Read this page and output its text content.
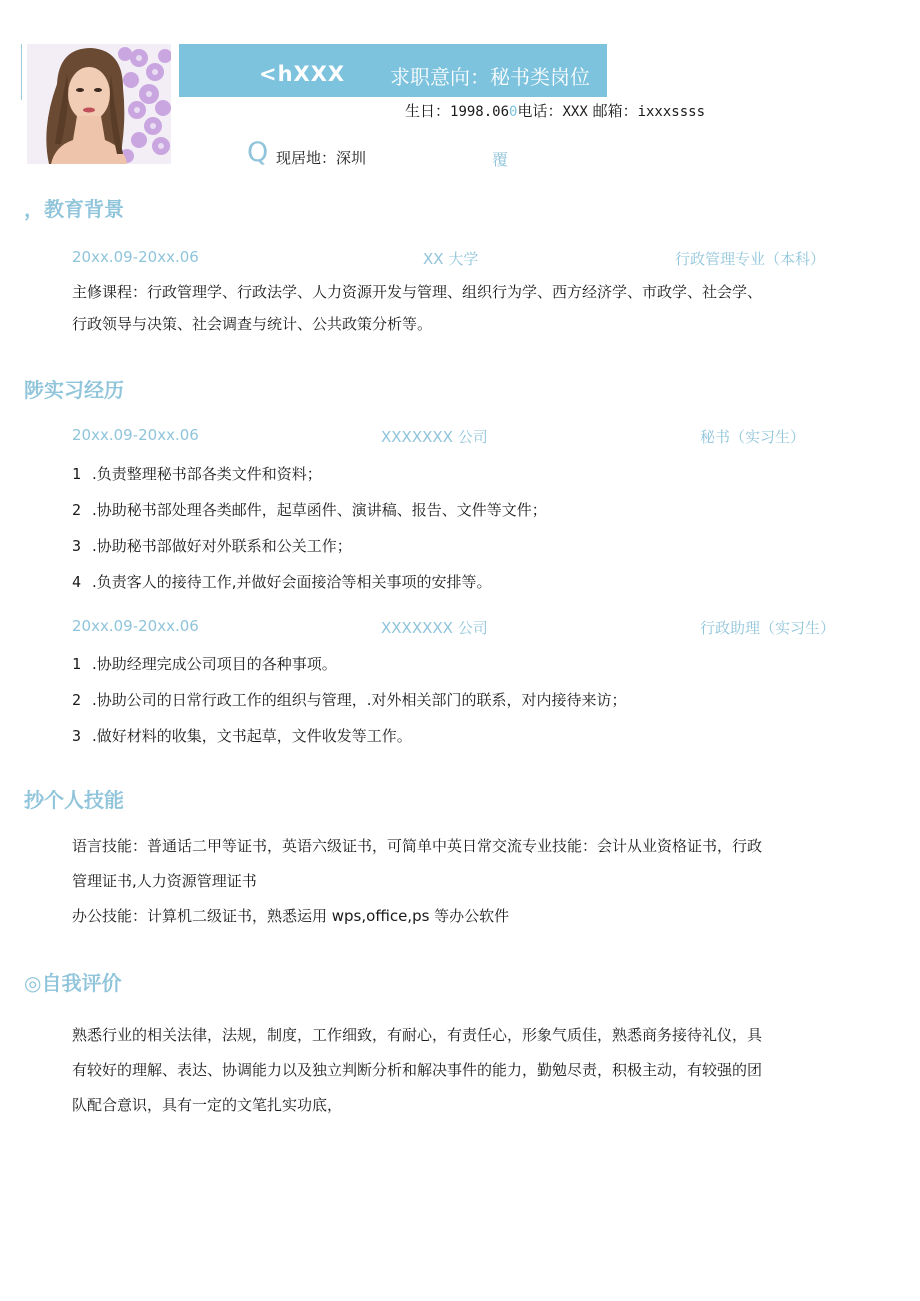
<hXXX 求职意向：秘书类岗位
生日：1998.060电话：XXX 邮箱：ixxxssss
Q 现居地：深圳	覆
，教育背景
20xx.09-20xx.06	XX 大学	行政管理专业（本科）
主修课程：行政管理学、行政法学、人力资源开发与管理、组织行为学、西方经济学、市政学、社会学、
行政领导与决策、社会调查与统计、公共政策分析等。
陟实习经历
20xx.09-20xx.06	XXXXXXX 公司	秘书（实习生）
1 .负责整理秘书部各类文件和资料；
2 .协助秘书部处理各类邮件，起草函件、演讲稿、报告、文件等文件；
3 .协助秘书部做好对外联系和公关工作；
4 .负责客人的接待工作,并做好会面接洽等相关事项的安排等。
20xx.09-20xx.06	XXXXXXX 公司	行政助理（实习生）
1 .协助经理完成公司项目的各种事项。
2 .协助公司的日常行政工作的组织与管理，.对外相关部门的联系，对内接待来访；
3 .做好材料的收集，文书起草，文件收发等工作。
抄个人技能
语言技能：普通话二甲等证书，英语六级证书，可简单中英日常交流专业技能：会计从业资格证书，行政
管理证书,人力资源管理证书
办公技能：计算机二级证书，熟悉运用 wps,office,ps 等办公软件
◎自我评价
熟悉行业的相关法律，法规，制度，工作细致，有耐心，有责任心，形象气质佳，熟悉商务接待礼仪，具
有较好的理解、表达、协调能力以及独立判断分析和解决事件的能力，勤勉尽责，积极主动，有较强的团
队配合意识，具有一定的文笔扎实功底，
